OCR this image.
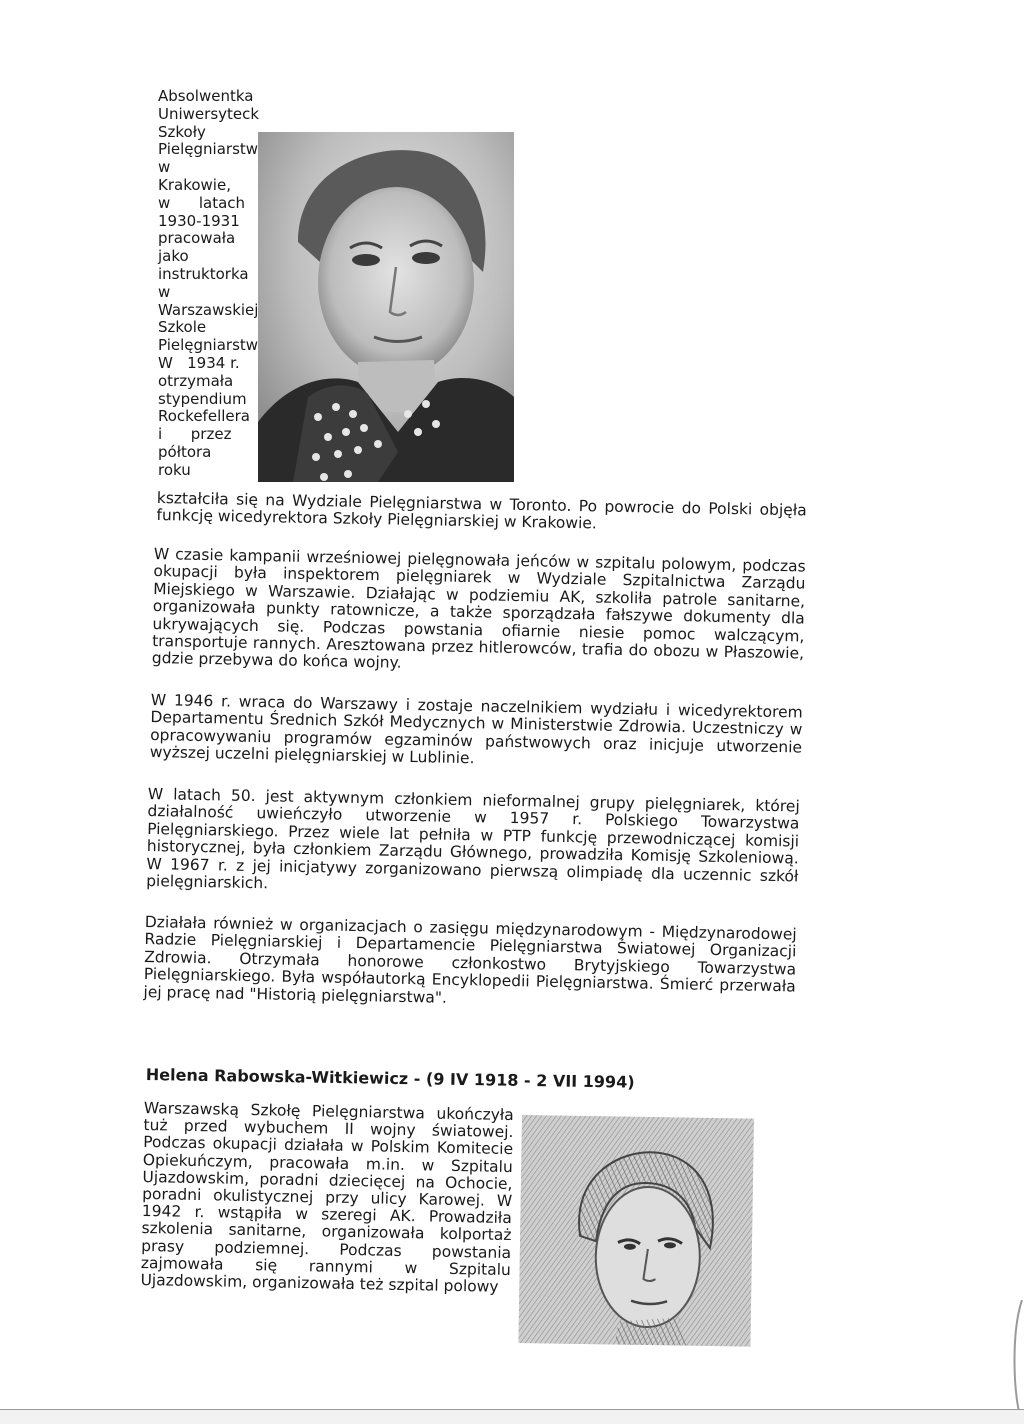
Absolwentka
Uniwersyteck
Szkoły
Pielęgniarstw
w
Krakowie,
w      latach
1930-1931
pracowała
jako
instruktorka
w
Warszawskiej
Szkole
Pielęgniarstw
W   1934 r.
otrzymała
stypendium
Rockefellera
i      przez
półtora
roku
kształciła się na Wydziale Pielęgniarstwa w Toronto. Po powrocie do Polski objęła funkcję wicedyrektora Szkoły Pielęgniarskiej w Krakowie.
W czasie kampanii wrześniowej pielęgnowała jeńców w szpitalu polowym, podczas okupacji była inspektorem pielęgniarek w Wydziale Szpitalnictwa Zarządu Miejskiego w Warszawie. Działając w podziemiu AK, szkoliła patrole sanitarne, organizowała punkty ratownicze, a także sporządzała fałszywe dokumenty dla ukrywających się. Podczas powstania ofiarnie niesie pomoc walczącym, transportuje rannych. Aresztowana przez hitlerowców, trafia do obozu w Płaszowie, gdzie przebywa do końca wojny.
W 1946 r. wraca do Warszawy i zostaje naczelnikiem wydziału i wicedyrektorem Departamentu Średnich Szkół Medycznych w Ministerstwie Zdrowia. Uczestniczy w opracowywaniu programów egzaminów państwowych oraz inicjuje utworzenie wyższej uczelni pielęgniarskiej w Lublinie.
W latach 50. jest aktywnym członkiem nieformalnej grupy pielęgniarek, której działalność uwieńczyło utworzenie w 1957 r. Polskiego Towarzystwa Pielęgniarskiego. Przez wiele lat pełniła w PTP funkcję przewodniczącej komisji historycznej, była członkiem Zarządu Głównego, prowadziła Komisję Szkoleniową. W 1967 r. z jej inicjatywy zorganizowano pierwszą olimpiadę dla uczennic szkół pielęgniarskich.
Działała również w organizacjach o zasięgu międzynarodowym - Międzynarodowej Radzie Pielęgniarskiej i Departamencie Pielęgniarstwa Światowej Organizacji Zdrowia. Otrzymała honorowe członkostwo Brytyjskiego Towarzystwa Pielęgniarskiego. Była współautorką Encyklopedii Pielęgniarstwa. Śmierć przerwała jej pracę nad "Historią pielęgniarstwa".
Helena Rabowska-Witkiewicz - (9 IV 1918 - 2 VII 1994)
Warszawską Szkołę Pielęgniarstwa ukończyła tuż przed wybuchem II wojny światowej. Podczas okupacji działała w Polskim Komitecie Opiekuńczym, pracowała m.in. w Szpitalu Ujazdowskim, poradni dziecięcej na Ochocie, poradni okulistycznej przy ulicy Karowej. W 1942 r. wstąpiła w szeregi AK. Prowadziła szkolenia sanitarne, organizowała kolportaż prasy podziemnej. Podczas powstania zajmowała się rannymi w Szpitalu Ujazdowskim, organizowała też szpital polowy
